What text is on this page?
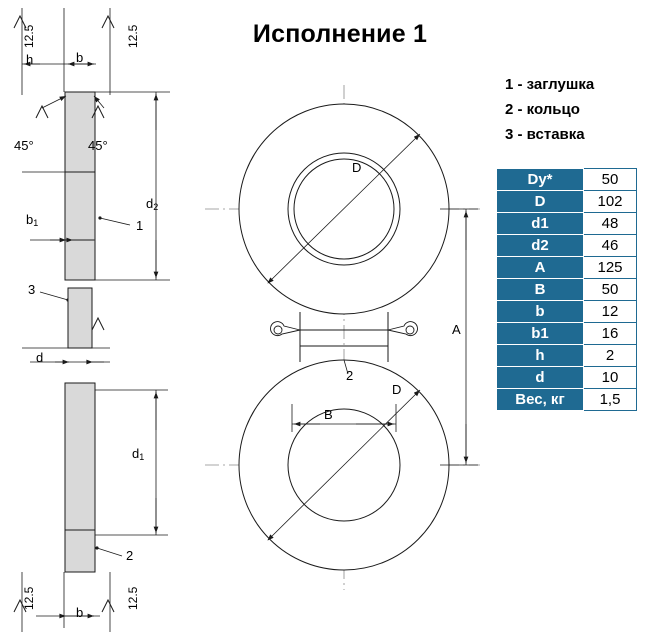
Исполнение 1
1 - заглушка
2 - кольцо
3 - вставка
12.5	12.5
h	b
45°	45°
$b_1$	1
$d_2$
3
d
$d_1$
2
12.5	12.5
b
D
D
A
B
2
Dy*	50
D	102
d1	48
d2	46
A	125
B	50
b	12
b1	16
h	2
d	10
Вес, кг	1,5
